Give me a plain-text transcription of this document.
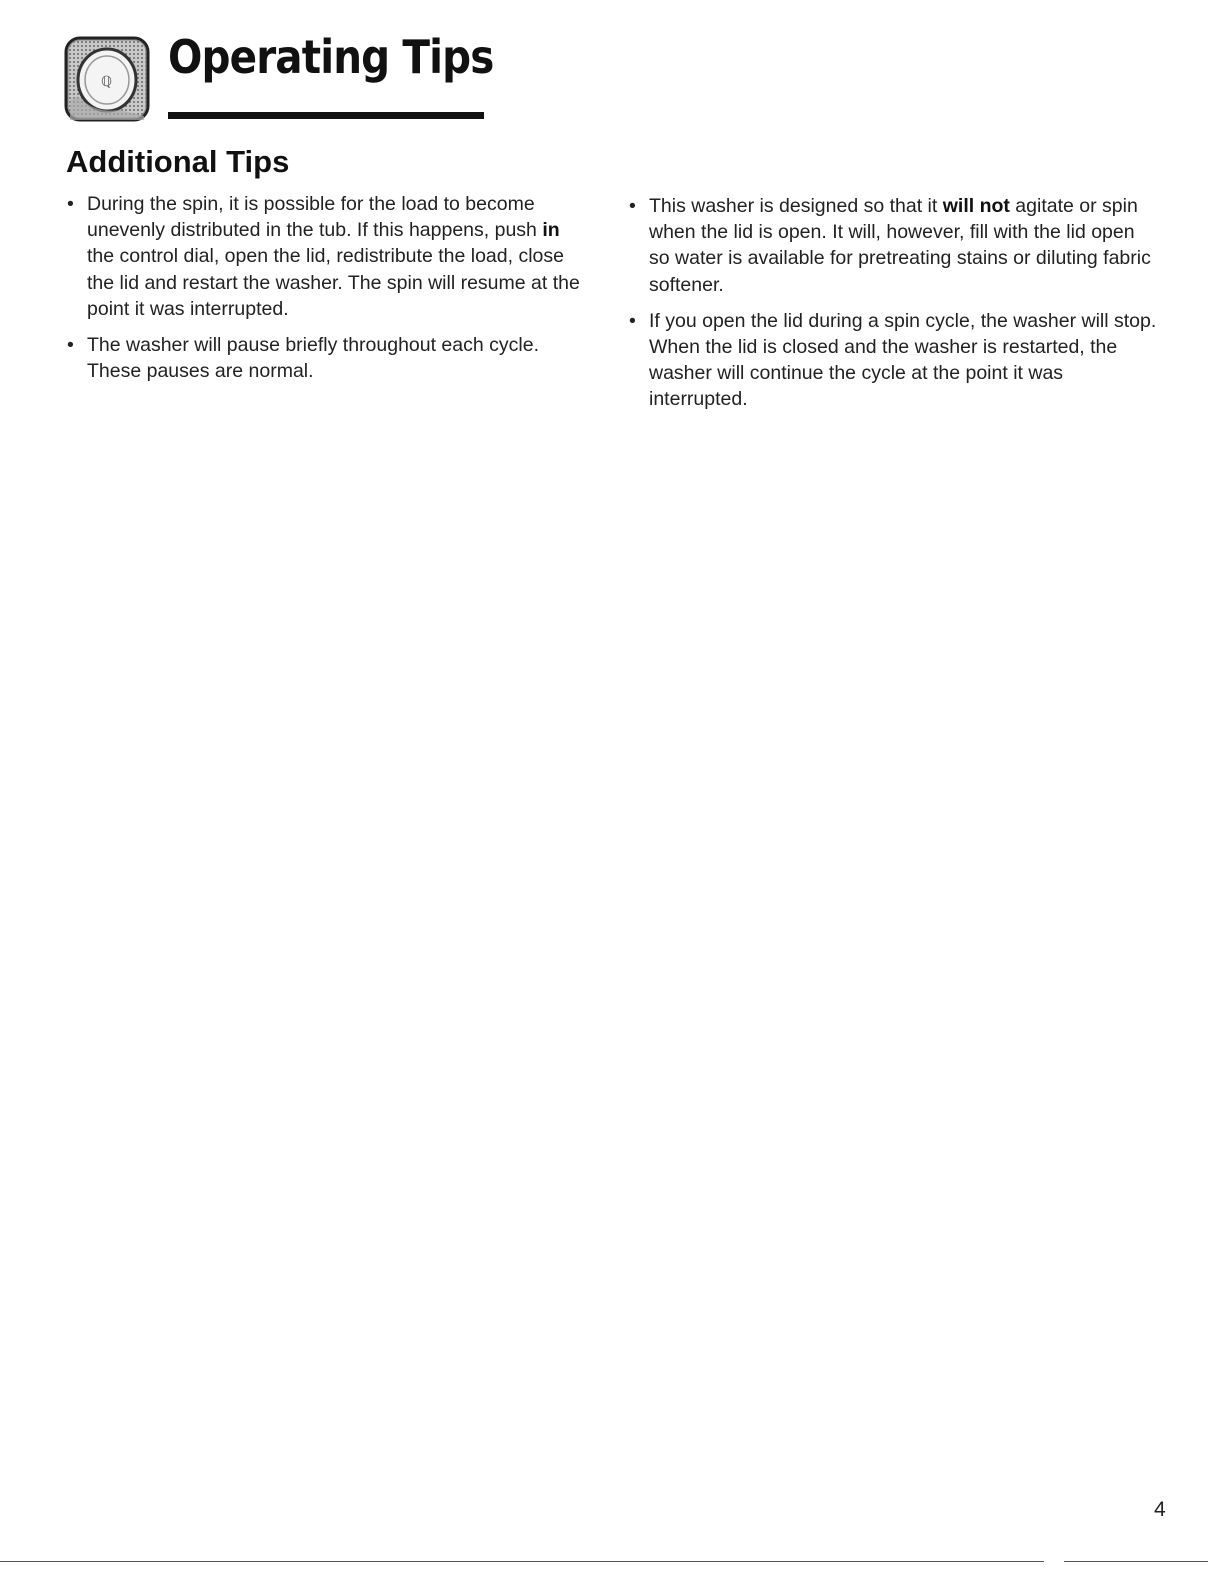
ℚ Operating Tips
Additional Tips
• During the spin, it is possible for the load to become unevenly distributed in the tub. If this happens, push in the control dial, open the lid, redistribute the load, close the lid and restart the washer. The spin will resume at the point it was interrupted.
• The washer will pause briefly throughout each cycle. These pauses are normal.
• This washer is designed so that it will not agitate or spin when the lid is open. It will, however, fill with the lid open so water is available for pretreating stains or diluting fabric softener.
• If you open the lid during a spin cycle, the washer will stop. When the lid is closed and the washer is restarted, the washer will continue the cycle at the point it was interrupted.
4
